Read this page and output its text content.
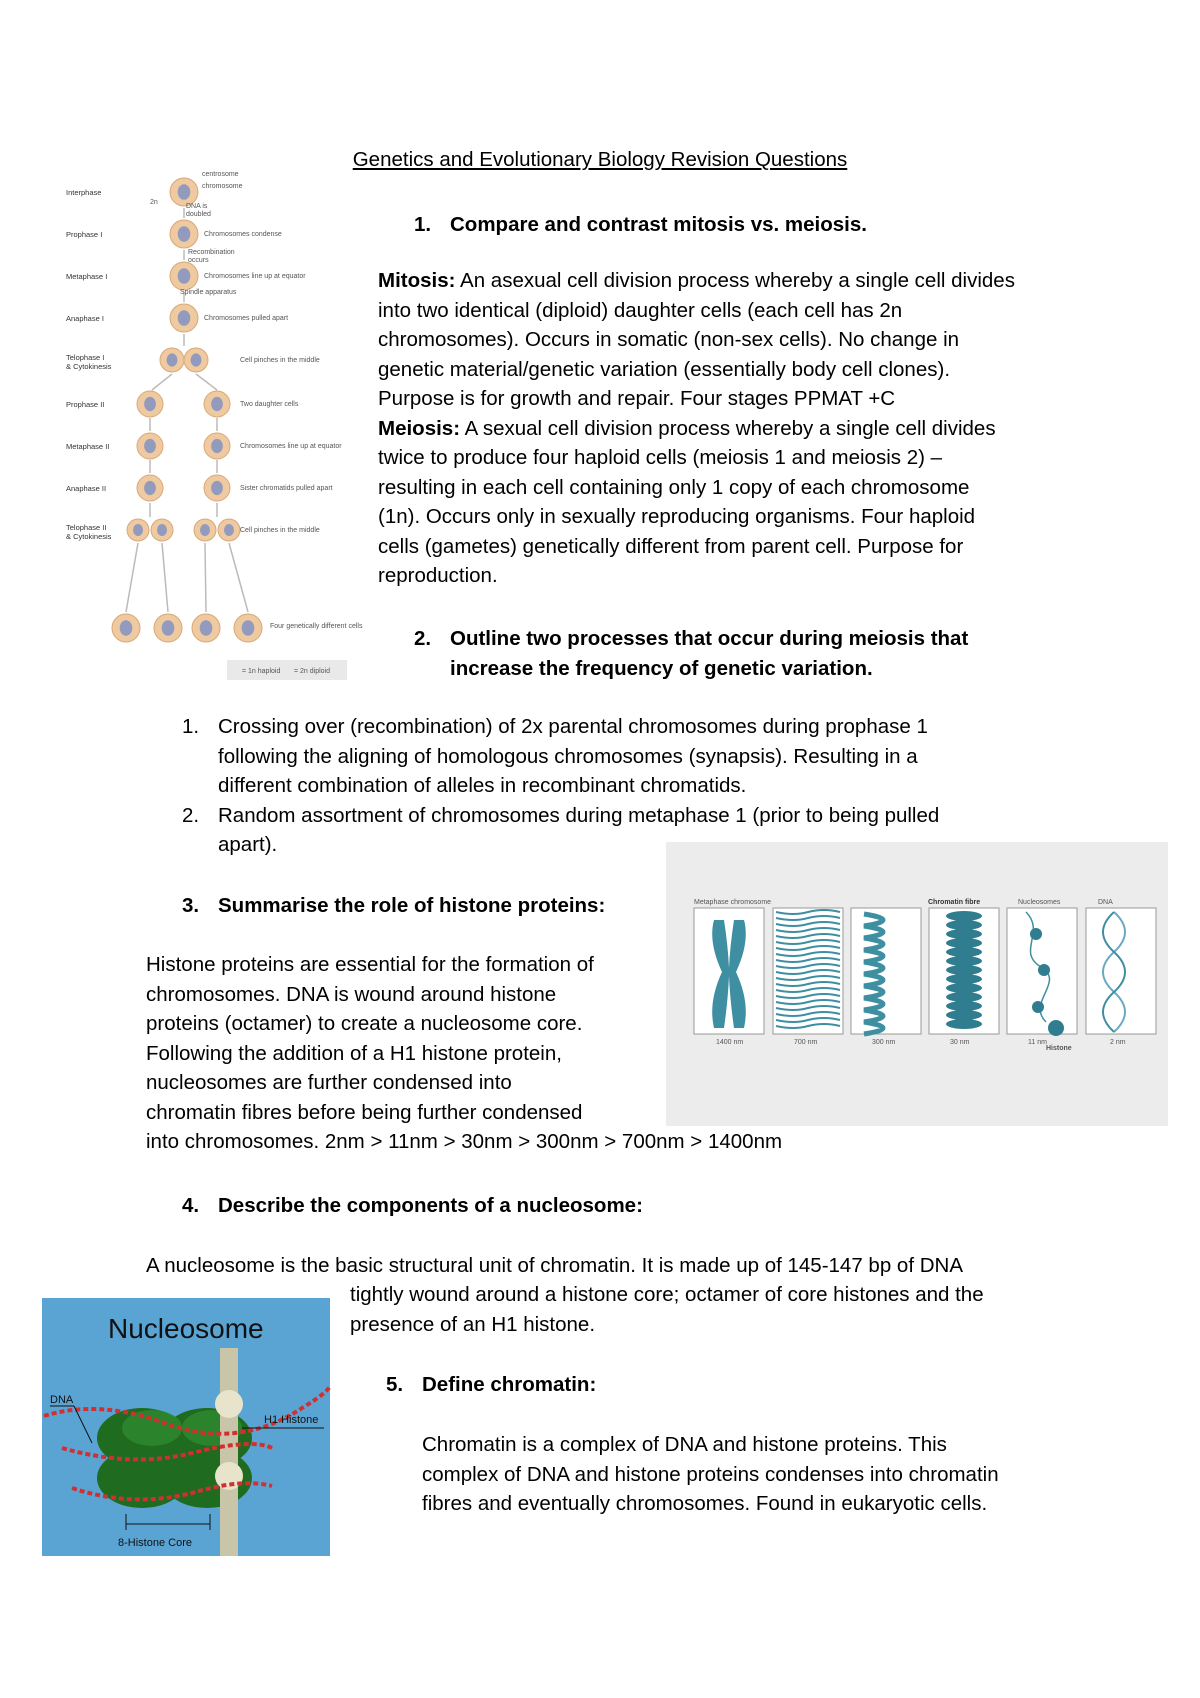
Genetics and Evolutionary Biology Revision Questions
Interphase
Prophase I
Metaphase I
Anaphase I
Telophase I
& Cytokinesis
Prophase II
Metaphase II
Anaphase II
Telophase II
& Cytokinesis
centrosome
chromosome
DNA is
doubled
Chromosomes condense
Recombination
occurs
Chromosomes line up at equator
Spindle apparatus
Chromosomes pulled apart
Cell pinches in the middle
Two daughter cells
Chromosomes line up at equator
Sister chromatids pulled apart
Cell pinches in the middle
Four genetically different cells
2n
= 1n haploid = 2n diploid
1. Compare and contrast mitosis vs. meiosis.
Mitosis: An asexual cell division process whereby a single cell divides
into two identical (diploid) daughter cells (each cell has 2n
chromosomes). Occurs in somatic (non-sex cells). No change in
genetic material/genetic variation (essentially body cell clones).
Purpose is for growth and repair. Four stages PPMAT +C
Meiosis: A sexual cell division process whereby a single cell divides
twice to produce four haploid cells (meiosis 1 and meiosis 2) –
resulting in each cell containing only 1 copy of each chromosome
(1n). Occurs only in sexually reproducing organisms. Four haploid
cells (gametes) genetically different from parent cell. Purpose for
reproduction.
2. Outline two processes that occur during meiosis that
increase the frequency of genetic variation.
1. Crossing over (recombination) of 2x parental chromosomes during prophase 1
following the aligning of homologous chromosomes (synapsis). Resulting in a
different combination of alleles in recombinant chromatids.
2. Random assortment of chromosomes during metaphase 1 (prior to being pulled
apart).
Metaphase chromosome	Chromatin fibre	Nucleosomes	DNA
1400 nm	700 nm	300 nm	30 nm	11 nm	2 nm
Histone
3. Summarise the role of histone proteins:
Histone proteins are essential for the formation of
chromosomes. DNA is wound around histone
proteins (octamer) to create a nucleosome core.
Following the addition of a H1 histone protein,
nucleosomes are further condensed into
chromatin fibres before being further condensed
into chromosomes. 2nm > 11nm > 30nm > 300nm > 700nm > 1400nm
4. Describe the components of a nucleosome:
A nucleosome is the basic structural unit of chromatin. It is made up of 145-147 bp of DNA
tightly wound around a histone core; octamer of core histones and the
presence of an H1 histone.
Nucleosome
DNA
H1 Histone
8-Histone Core
5. Define chromatin:
Chromatin is a complex of DNA and histone proteins. This
complex of DNA and histone proteins condenses into chromatin
fibres and eventually chromosomes. Found in eukaryotic cells.
